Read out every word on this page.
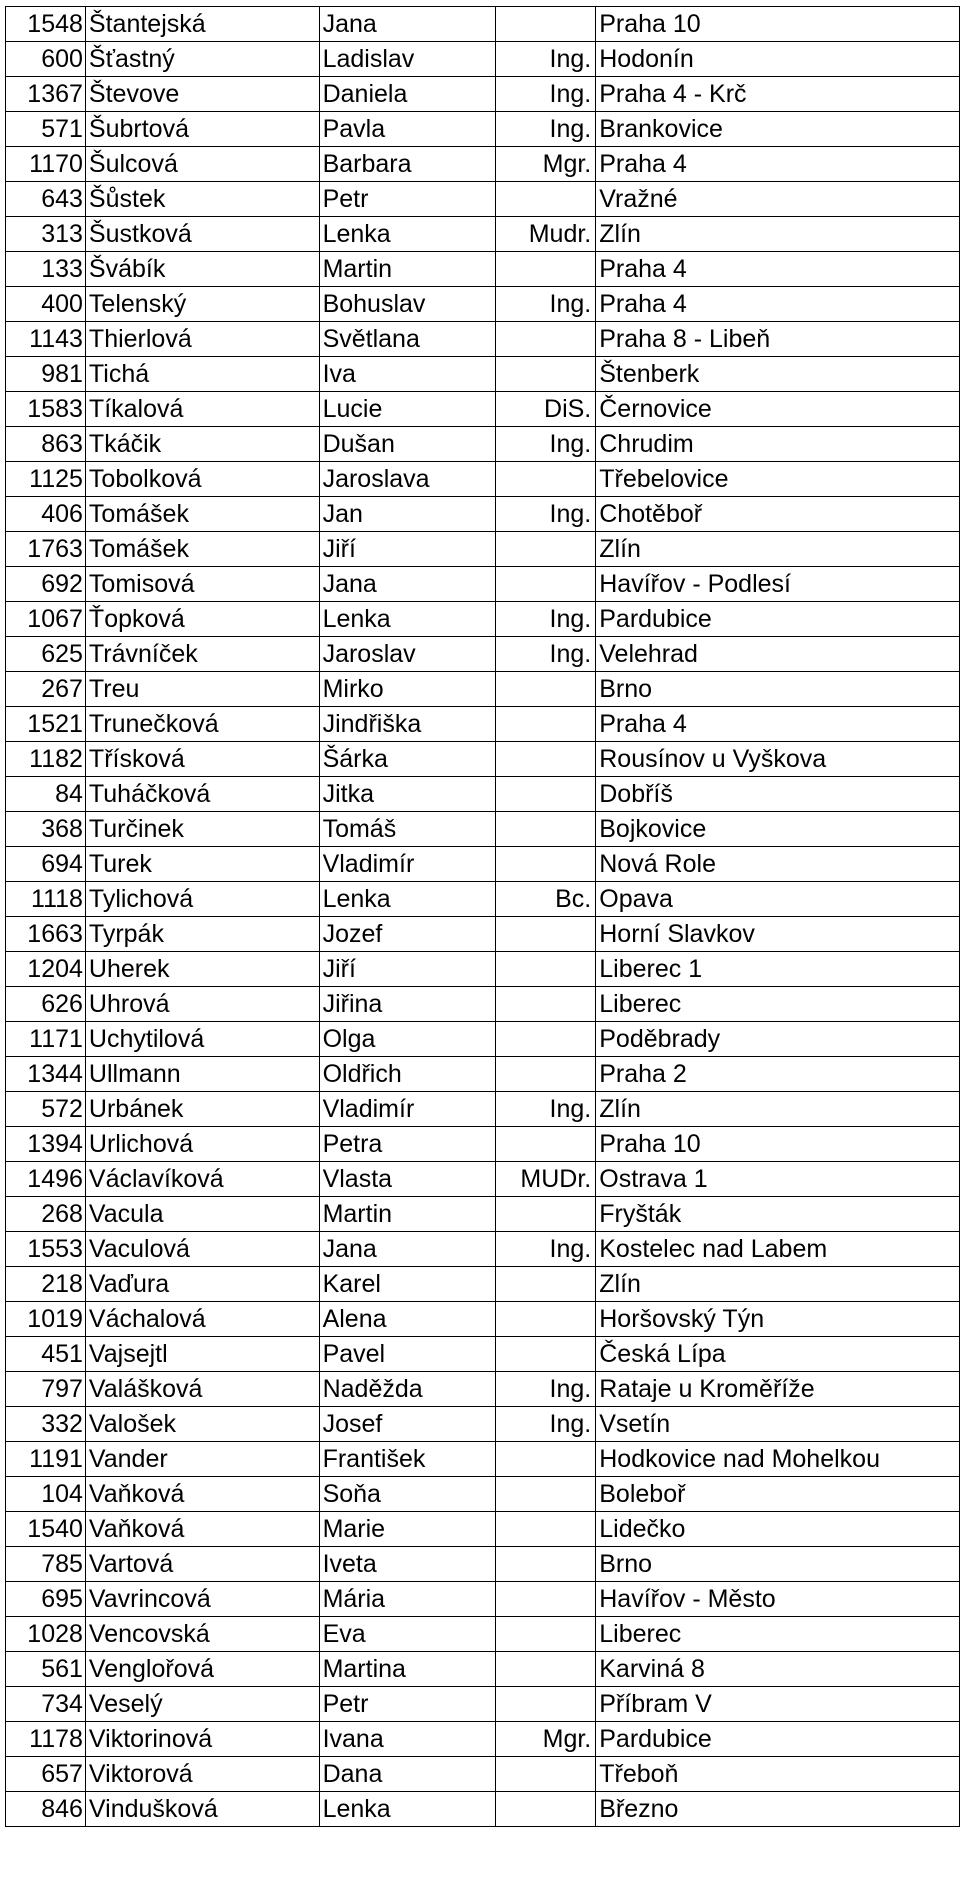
1548	Štantejská	Jana		Praha 10
600	Šťastný	Ladislav	Ing.	Hodonín
1367	Števove	Daniela	Ing.	Praha 4 - Krč
571	Šubrtová	Pavla	Ing.	Brankovice
1170	Šulcová	Barbara	Mgr.	Praha 4
643	Šůstek	Petr		Vražné
313	Šustková	Lenka	Mudr.	Zlín
133	Švábík	Martin		Praha 4
400	Telenský	Bohuslav	Ing.	Praha 4
1143	Thierlová	Světlana		Praha 8 - Libeň
981	Tichá	Iva		Štenberk
1583	Tíkalová	Lucie	DiS.	Černovice
863	Tkáčik	Dušan	Ing.	Chrudim
1125	Tobolková	Jaroslava		Třebelovice
406	Tomášek	Jan	Ing.	Chotěboř
1763	Tomášek	Jiří		Zlín
692	Tomisová	Jana		Havířov - Podlesí
1067	Ťopková	Lenka	Ing.	Pardubice
625	Trávníček	Jaroslav	Ing.	Velehrad
267	Treu	Mirko		Brno
1521	Trunečková	Jindřiška		Praha 4
1182	Třísková	Šárka		Rousínov u Vyškova
84	Tuháčková	Jitka		Dobříš
368	Turčinek	Tomáš		Bojkovice
694	Turek	Vladimír		Nová Role
1118	Tylichová	Lenka	Bc.	Opava
1663	Tyrpák	Jozef		Horní Slavkov
1204	Uherek	Jiří		Liberec 1
626	Uhrová	Jiřina		Liberec
1171	Uchytilová	Olga		Poděbrady
1344	Ullmann	Oldřich		Praha 2
572	Urbánek	Vladimír	Ing.	Zlín
1394	Urlichová	Petra		Praha 10
1496	Václavíková	Vlasta	MUDr.	Ostrava 1
268	Vacula	Martin		Fryšták
1553	Vaculová	Jana	Ing.	Kostelec nad Labem
218	Vaďura	Karel		Zlín
1019	Váchalová	Alena		Horšovský Týn
451	Vajsejtl	Pavel		Česká Lípa
797	Valášková	Naděžda	Ing.	Rataje u Kroměříže
332	Valošek	Josef	Ing.	Vsetín
1191	Vander	František		Hodkovice nad Mohelkou
104	Vaňková	Soňa		Boleboř
1540	Vaňková	Marie		Lidečko
785	Vartová	Iveta		Brno
695	Vavrincová	Mária		Havířov - Město
1028	Vencovská	Eva		Liberec
561	Venglořová	Martina		Karviná 8
734	Veselý	Petr		Příbram V
1178	Viktorinová	Ivana	Mgr.	Pardubice
657	Viktorová	Dana		Třeboň
846	Vindušková	Lenka		Březno
